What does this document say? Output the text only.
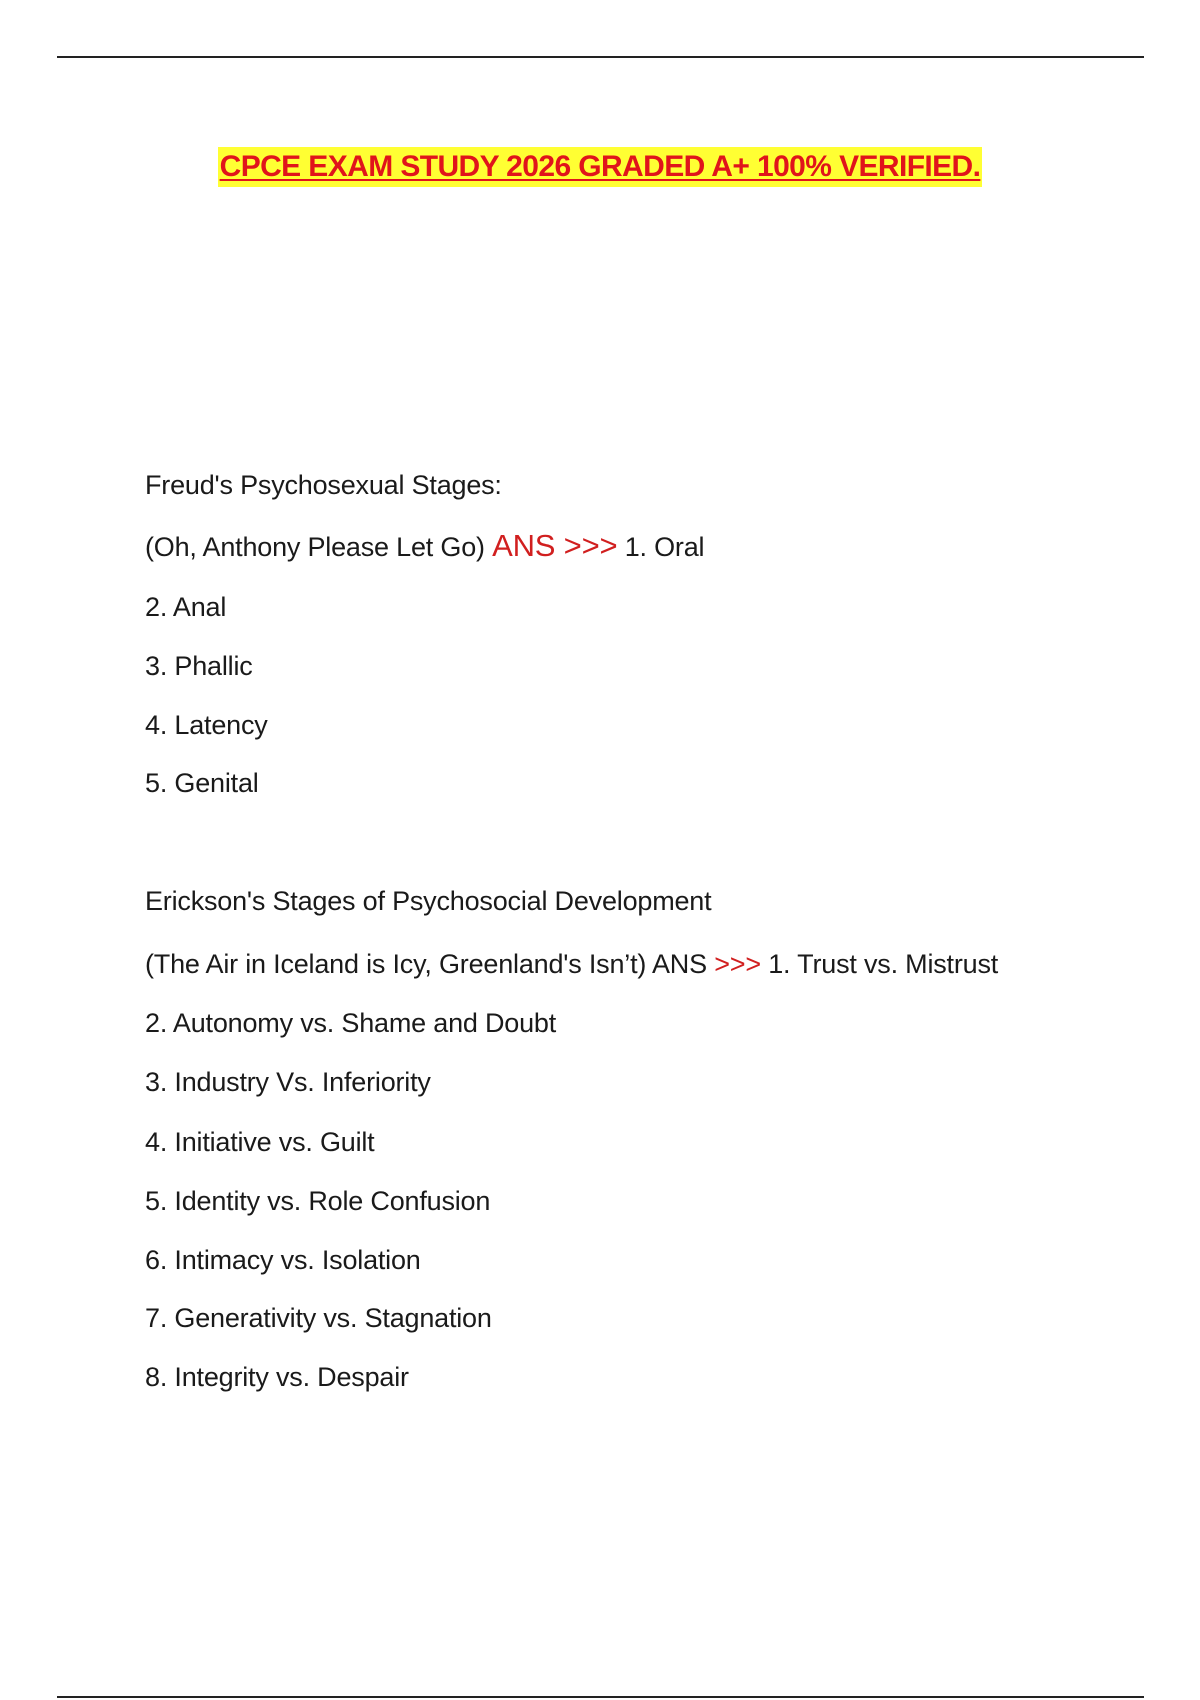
CPCE EXAM STUDY 2026 GRADED A+ 100% VERIFIED.
Freud's Psychosexual Stages:
(Oh, Anthony Please Let Go) ANS >>> 1. Oral
2. Anal
3. Phallic
4. Latency
5. Genital
Erickson's Stages of Psychosocial Development
(The Air in Iceland is Icy, Greenland's Isn’t) ANS >>> 1. Trust vs. Mistrust
2. Autonomy vs. Shame and Doubt
3. Industry Vs. Inferiority
4. Initiative vs. Guilt
5. Identity vs. Role Confusion
6. Intimacy vs. Isolation
7. Generativity vs. Stagnation
8. Integrity vs. Despair
